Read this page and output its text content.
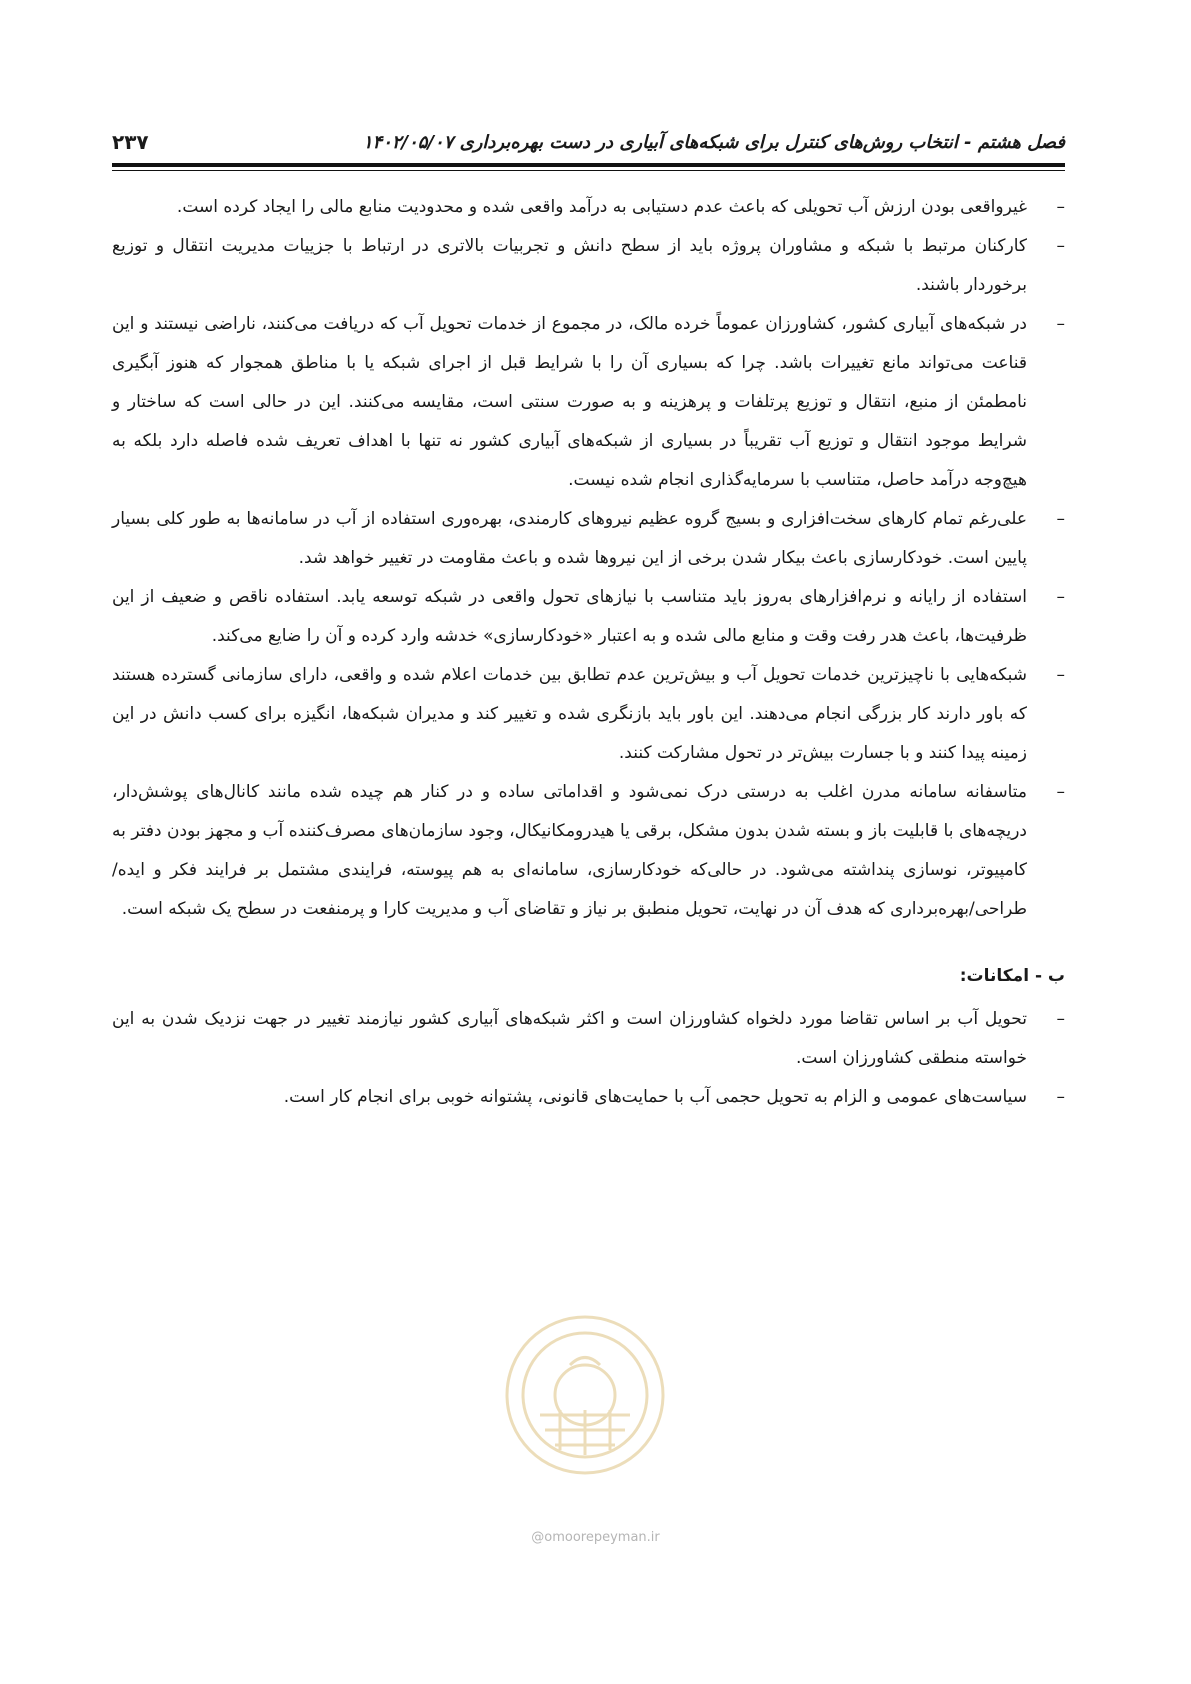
فصل هشتم - انتخاب روش‌های کنترل برای شبکه‌های آبیاری در دست بهره‌برداری ۱۴۰۲/۰۵/۰۷
۲۳۷
–
غیرواقعی بودن ارزش آب تحویلی که باعث عدم دستیابی به درآمد واقعی شده و محدودیت منابع مالی را ایجاد کرده است.
–
کارکنان مرتبط با شبکه و مشاوران پروژه باید از سطح دانش و تجربیات بالاتری در ارتباط با جزییات مدیریت انتقال و توزیع برخوردار باشند.
–
در شبکه‌های آبیاری کشور، کشاورزان عموماً خرده مالک، در مجموع از خدمات تحویل آب که دریافت می‌کنند، ناراضی نیستند و این قناعت می‌تواند مانع تغییرات باشد. چرا که بسیاری آن را با شرایط قبل از اجرای شبکه یا با مناطق همجوار که هنوز آبگیری نامطمئن از منبع، انتقال و توزیع پرتلفات و پرهزینه و به صورت سنتی است، مقایسه می‌کنند. این در حالی است که ساختار و شرایط موجود انتقال و توزیع آب تقریباً در بسیاری از شبکه‌های آبیاری کشور نه تنها با اهداف تعریف شده فاصله دارد بلکه به هیچ‌وجه درآمد حاصل، متناسب با سرمایه‌گذاری انجام شده نیست.
–
علی‌رغم تمام کارهای سخت‌افزاری و بسیج گروه عظیم نیروهای کارمندی، بهره‌وری استفاده از آب در سامانه‌ها به طور کلی بسیار پایین است. خودکارسازی باعث بیکار شدن برخی از این نیروها شده و باعث مقاومت در تغییر خواهد شد.
–
استفاده از رایانه و نرم‌افزارهای به‌روز باید متناسب با نیازهای تحول واقعی در شبکه توسعه یابد. استفاده ناقص و ضعیف از این ظرفیت‌ها، باعث هدر رفت وقت و منابع مالی شده و به اعتبار «خودکارسازی» خدشه وارد کرده و آن را ضایع می‌کند.
–
شبکه‌هایی با ناچیزترین خدمات تحویل آب و بیش‌ترین عدم تطابق بین خدمات اعلام شده و واقعی، دارای سازمانی گسترده هستند که باور دارند کار بزرگی انجام می‌دهند. این باور باید بازنگری شده و تغییر کند و مدیران شبکه‌ها، انگیزه برای کسب دانش در این زمینه پیدا کنند و با جسارت بیش‌تر در تحول مشارکت کنند.
–
متاسفانه سامانه مدرن اغلب به درستی درک نمی‌شود و اقداماتی ساده و در کنار هم چیده شده مانند کانال‌های پوشش‌دار، دریچه‌های با قابلیت باز و بسته شدن بدون مشکل، برقی یا هیدرومکانیکال، وجود سازمان‌های مصرف‌کننده آب و مجهز بودن دفتر به کامپیوتر، نوسازی پنداشته می‌شود. در حالی‌که خودکارسازی، سامانه‌ای به هم پیوسته، فرایندی مشتمل بر فرایند فکر و ایده/طراحی/بهره‌برداری که هدف آن در نهایت، تحویل منطبق بر نیاز و تقاضای آب و مدیریت کارا و پرمنفعت در سطح یک شبکه است.
ب - امکانات:
–
تحویل آب بر اساس تقاضا مورد دلخواه کشاورزان است و اکثر شبکه‌های آبیاری کشور نیازمند تغییر در جهت نزدیک شدن به این خواسته منطقی کشاورزان است.
–
سیاست‌های عمومی و الزام به تحویل حجمی آب با حمایت‌های قانونی، پشتوانه خوبی برای انجام کار است.
@omoorepeyman.ir
